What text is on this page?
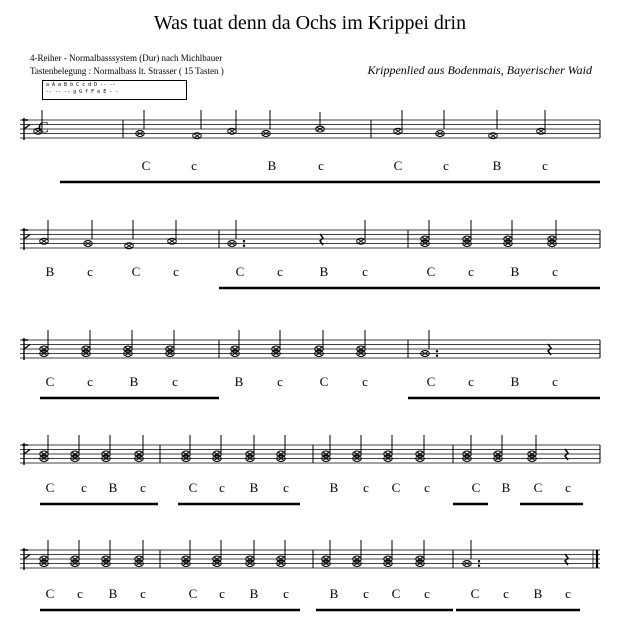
Was tuat denn da Ochs im Krippei drin
4-Reiher - Normalbasssystem (Dur) nach Michlbauer
Tastenbelegung : Normalbass lt. Strasser ( 15 Tasten )	Krippenlied aus Bodenmais, Bayerischer Waid
a A a B b C c d D -- --
-- -- -- g G f F e E - -
C
C	c	B	c	C	c	B	c
B	c	C	c	C	c	B	c	C	c	B	c
C	c	B	c	B	c	C	c	C	c	B	c
C c B c	C c B c	B c C c	C B C c
C c B c	C c B c	B c C c	C c B c
